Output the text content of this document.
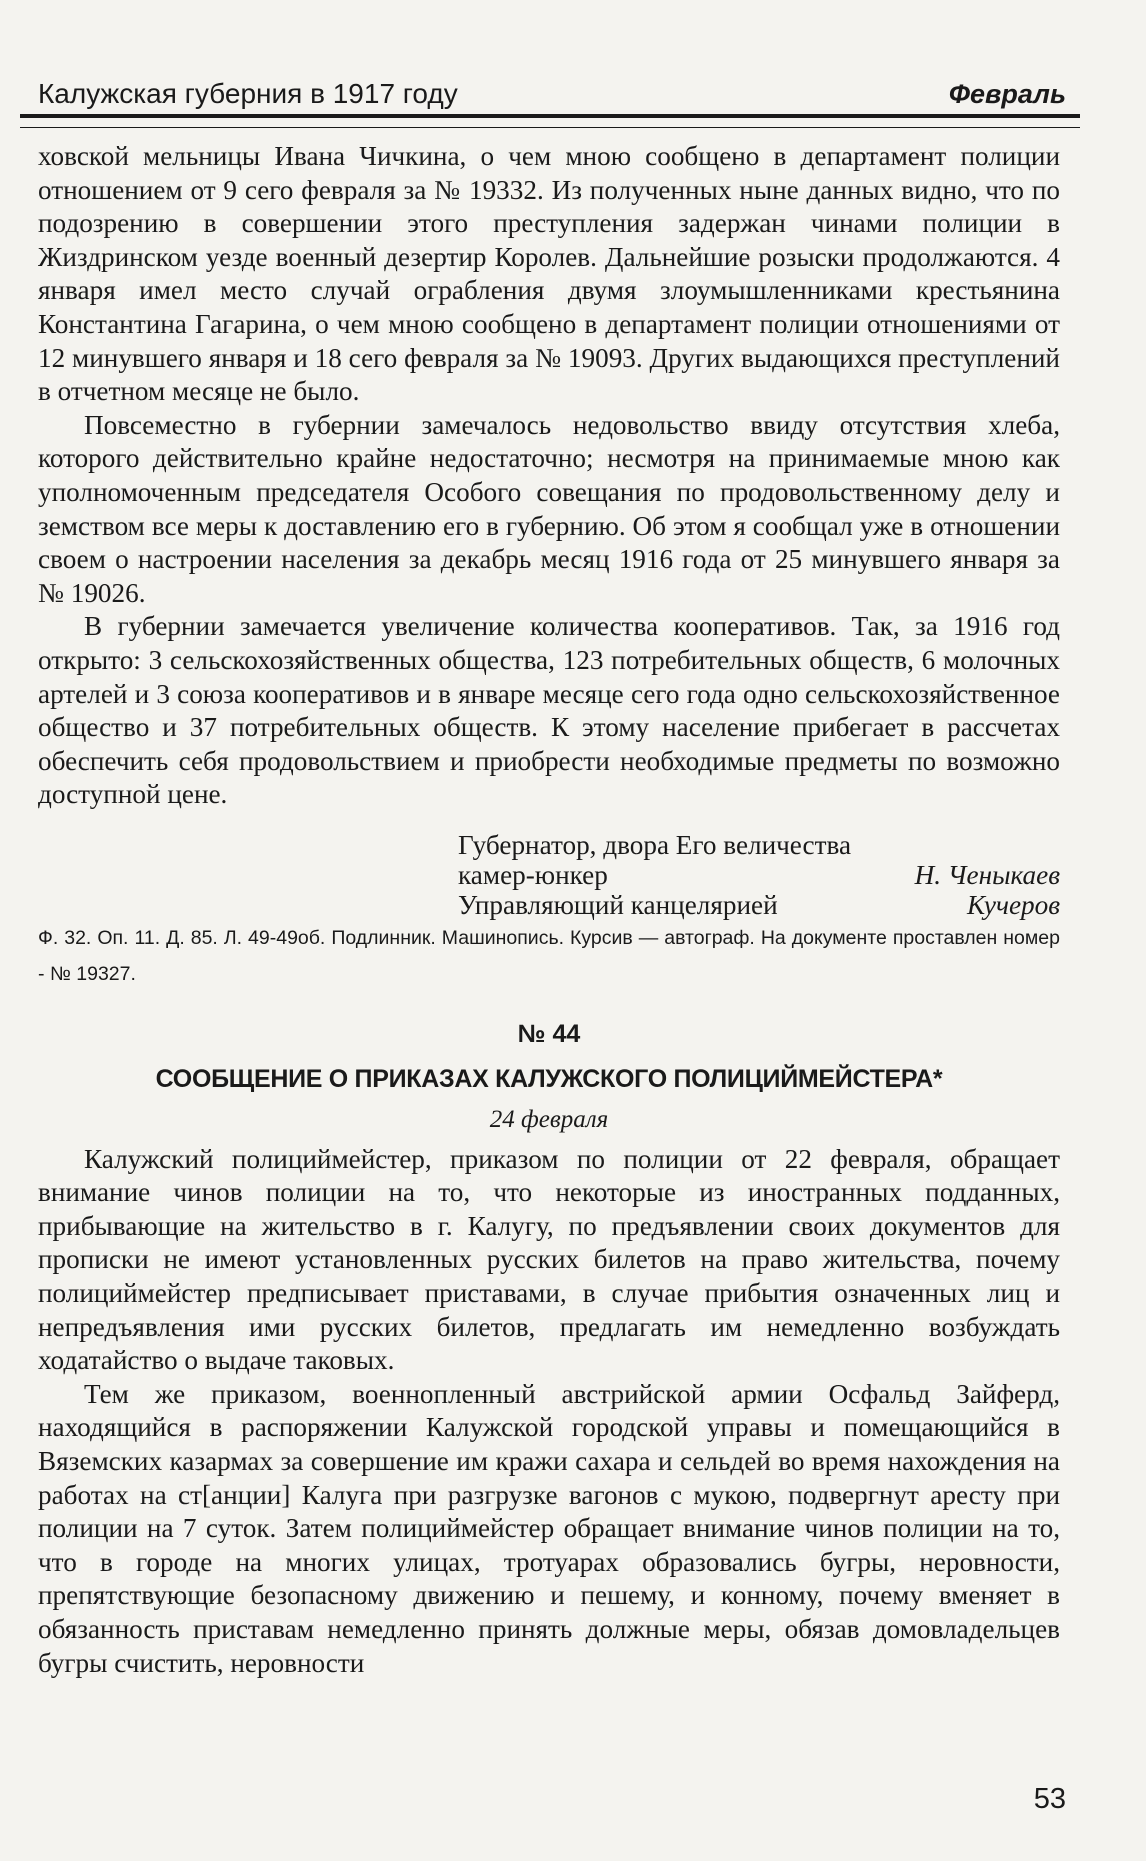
Калужская губерния в 1917 году	Февраль

ховской мельницы Ивана Чичкина, о чем мною сообщено в департамент полиции отношением от 9 сего февраля за № 19332. Из полученных ныне данных видно, что по подозрению в совершении этого преступления задержан чинами полиции в Жиздринском уезде военный дезертир Королев. Дальнейшие розыски продолжаются. 4 января имел место случай ограбления двумя злоумышленниками крестьянина Константина Гагарина, о чем мною сообщено в департамент полиции отношениями от 12 минувшего января и 18 сего февраля за № 19093. Других выдающихся преступлений в отчетном месяце не было.

Повсеместно в губернии замечалось недовольство ввиду отсутствия хлеба, которого действительно крайне недостаточно; несмотря на принимаемые мною как уполномоченным председателя Особого совещания по продовольственному делу и земством все меры к доставлению его в губернию. Об этом я сообщал уже в отношении своем о настроении населения за декабрь месяц 1916 года от 25 минувшего января за № 19026.

В губернии замечается увеличение количества кооперативов. Так, за 1916 год открыто: 3 сельскохозяйственных общества, 123 потребительных обществ, 6 молочных артелей и 3 союза кооперативов и в январе месяце сего года одно сельскохозяйственное общество и 37 потребительных обществ. К этому население прибегает в рассчетах обеспечить себя продовольствием и приобрести необходимые предметы по возможно доступной цене.

Губернатор, двора Его величества
камер-юнкер	Н. Ченыкаев
Управляющий канцелярией	Кучеров

Ф. 32. Оп. 11. Д. 85. Л. 49-49об. Подлинник. Машинопись. Курсив — автограф. На документе проставлен номер - № 19327.

№ 44
СООБЩЕНИЕ О ПРИКАЗАХ КАЛУЖСКОГО ПОЛИЦИЙМЕЙСТЕРА*
24 февраля

Калужский полициймейстер, приказом по полиции от 22 февраля, обращает внимание чинов полиции на то, что некоторые из иностранных подданных, прибывающие на жительство в г. Калугу, по предъявлении своих документов для прописки не имеют установленных русских билетов на право жительства, почему полициймейстер предписывает приставами, в случае прибытия означенных лиц и непредъявления ими русских билетов, предлагать им немедленно возбуждать ходатайство о выдаче таковых.

Тем же приказом, военнопленный австрийской армии Осфальд Зайферд, находящийся в распоряжении Калужской городской управы и помещающийся в Вяземских казармах за совершение им кражи сахара и сельдей во время нахождения на работах на ст[анции] Калуга при разгрузке вагонов с мукою, подвергнут аресту при полиции на 7 суток. Затем полициймейстер обращает внимание чинов полиции на то, что в городе на многих улицах, тротуарах образовались бугры, неровности, препятствующие безопасному движению и пешему, и конному, почему вменяет в обязанность приставам немедленно принять должные меры, обязав домовладельцев бугры счистить, неровности

53
